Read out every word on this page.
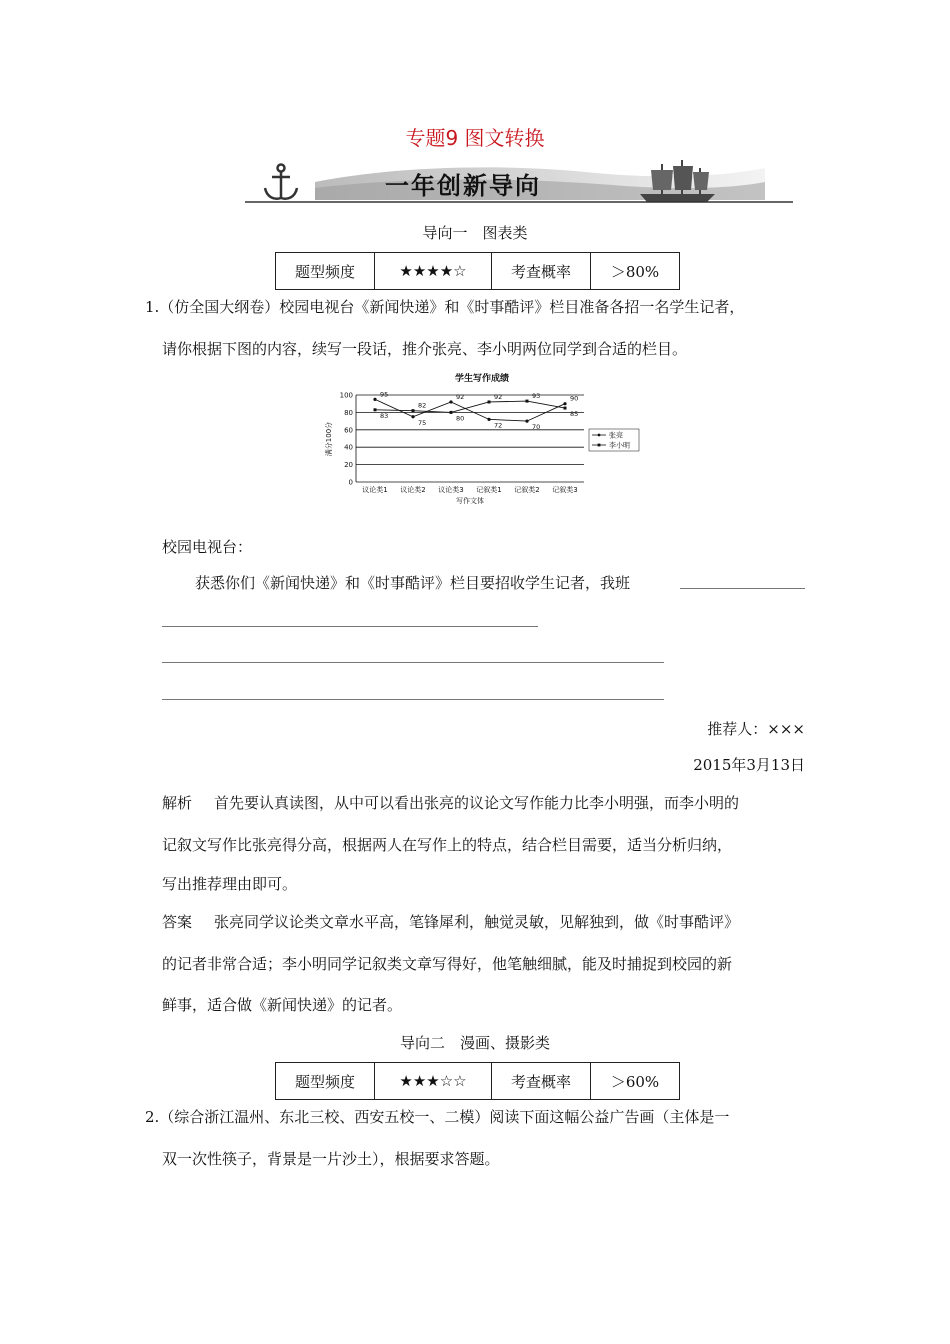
专题9 图文转换
一年创新导向
导向一　图表类
题型频度	★★★★☆	考查概率	＞80%
1.（仿全国大纲卷）校园电视台《新闻快递》和《时事酷评》栏目准备各招一名学生记者，
请你根据下图的内容，续写一段话，推介张亮、李小明两位同学到合适的栏目。
学生写作成绩
0
20
40
60
80
100
议论类1 议论类2 议论类3 记叙类1 记叙类2 记叙类3
95
75
92
72	70
90
83
82
80
92	93
85
满分100分
写作文体
张亮
李小明
校园电视台：
获悉你们《新闻快递》和《时事酷评》栏目要招收学生记者，我班
推荐人：×××
2015年3月13日
解析 首先要认真读图，从中可以看出张亮的议论文写作能力比李小明强，而李小明的
记叙文写作比张亮得分高，根据两人在写作上的特点，结合栏目需要，适当分析归纳，
写出推荐理由即可。
答案 张亮同学议论类文章水平高，笔锋犀利，触觉灵敏，见解独到，做《时事酷评》
的记者非常合适；李小明同学记叙类文章写得好，他笔触细腻，能及时捕捉到校园的新
鲜事，适合做《新闻快递》的记者。
导向二　漫画、摄影类
题型频度	★★★☆☆	考查概率	＞60%
2.（综合浙江温州、东北三校、西安五校一、二模）阅读下面这幅公益广告画（主体是一
双一次性筷子，背景是一片沙土），根据要求答题。
